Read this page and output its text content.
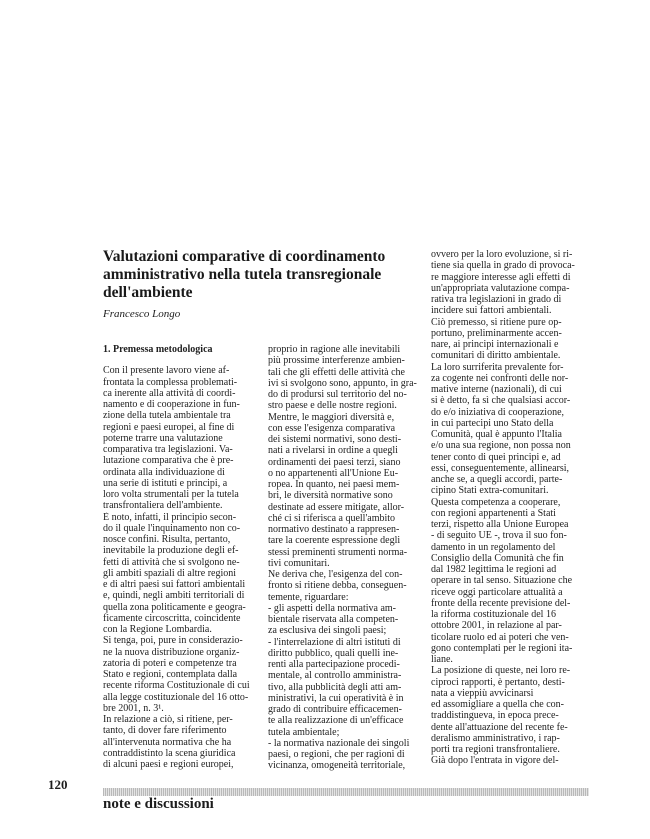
Valutazioni comparative di coordinamento
amministrativo nella tutela transregionale
dell'ambiente
Francesco Longo
1. Premessa metodologica
Con il presente lavoro viene af-
frontata la complessa problemati-
ca inerente alla attività di coordi-
namento e di cooperazione in fun-
zione della tutela ambientale tra
regioni e paesi europei, al fine di
poterne trarre una valutazione
comparativa tra legislazioni. Va-
lutazione comparativa che è pre-
ordinata alla individuazione di
una serie di istituti e principi, a
loro volta strumentali per la tutela
transfrontaliera dell'ambiente.
È noto, infatti, il principio secon-
do il quale l'inquinamento non co-
nosce confini. Risulta, pertanto,
inevitabile la produzione degli ef-
fetti di attività che si svolgono ne-
gli ambiti spaziali di altre regioni
e di altri paesi sui fattori ambientali
e, quindi, negli ambiti territoriali di
quella zona politicamente e geogra-
ficamente circoscritta, coincidente
con la Regione Lombardia.
Si tenga, poi, pure in considerazio-
ne la nuova distribuzione organiz-
zatoria di poteri e competenze tra
Stato e regioni, contemplata dalla
recente riforma Costituzionale di cui
alla legge costituzionale del 16 otto-
bre 2001, n. 3¹.
In relazione a ciò, si ritiene, per-
tanto, di dover fare riferimento
all'intervenuta normativa che ha
contraddistinto la scena giuridica
di alcuni paesi e regioni europei,
proprio in ragione alle inevitabili
più prossime interferenze ambien-
tali che gli effetti delle attività che
ivi si svolgono sono, appunto, in gra-
do di prodursi sul territorio del no-
stro paese e delle nostre regioni.
Mentre, le maggiori diversità e,
con esse l'esigenza comparativa
dei sistemi normativi, sono desti-
nati a rivelarsi in ordine a quegli
ordinamenti dei paesi terzi, siano
o no appartenenti all'Unione Eu-
ropea. In quanto, nei paesi mem-
bri, le diversità normative sono
destinate ad essere mitigate, allor-
ché ci si riferisca a quell'ambito
normativo destinato a rappresen-
tare la coerente espressione degli
stessi preminenti strumenti norma-
tivi comunitari.
Ne deriva che, l'esigenza del con-
fronto si ritiene debba, conseguen-
temente, riguardare:
- gli aspetti della normativa am-
bientale riservata alla competen-
za esclusiva dei singoli paesi;
- l'interrelazione di altri istituti di
diritto pubblico, quali quelli ine-
renti alla partecipazione procedi-
mentale, al controllo amministra-
tivo, alla pubblicità degli atti am-
ministrativi, la cui operatività è in
grado di contribuire efficacemen-
te alla realizzazione di un'efficace
tutela ambientale;
- la normativa nazionale dei singoli
paesi, o regioni, che per ragioni di
vicinanza, omogeneità territoriale,
ovvero per la loro evoluzione, si ri-
tiene sia quella in grado di provoca-
re maggiore interesse agli effetti di
un'appropriata valutazione compa-
rativa tra legislazioni in grado di
incidere sui fattori ambientali.
Ciò premesso, si ritiene pure op-
portuno, preliminarmente accen-
nare, ai principi internazionali e
comunitari di diritto ambientale.
La loro surriferita prevalente for-
za cogente nei confronti delle nor-
mative interne (nazionali), di cui
si è detto, fa sì che qualsiasi accor-
do e/o iniziativa di cooperazione,
in cui partecipi uno Stato della
Comunità, qual è appunto l'Italia
e/o una sua regione, non possa non
tener conto di quei principi e, ad
essi, conseguentemente, allinearsi,
anche se, a quegli accordi, parte-
cipino Stati extra-comunitari.
Questa competenza a cooperare,
con regioni appartenenti a Stati
terzi, rispetto alla Unione Europea
- di seguito UE -, trova il suo fon-
damento in un regolamento del
Consiglio della Comunità che fin
dal 1982 legittima le regioni ad
operare in tal senso. Situazione che
riceve oggi particolare attualità a
fronte della recente previsione del-
la riforma costituzionale del 16
ottobre 2001, in relazione al par-
ticolare ruolo ed ai poteri che ven-
gono contemplati per le regioni ita-
liane.
La posizione di queste, nei loro re-
ciproci rapporti, è pertanto, desti-
nata a vieppiù avvicinarsi
ed assomigliare a quella che con-
traddistingueva, in epoca prece-
dente all'attuazione del recente fe-
deralismo amministrativo, i rap-
porti tra regioni transfrontaliere.
Già dopo l'entrata in vigore del-
120
note e discussioni
